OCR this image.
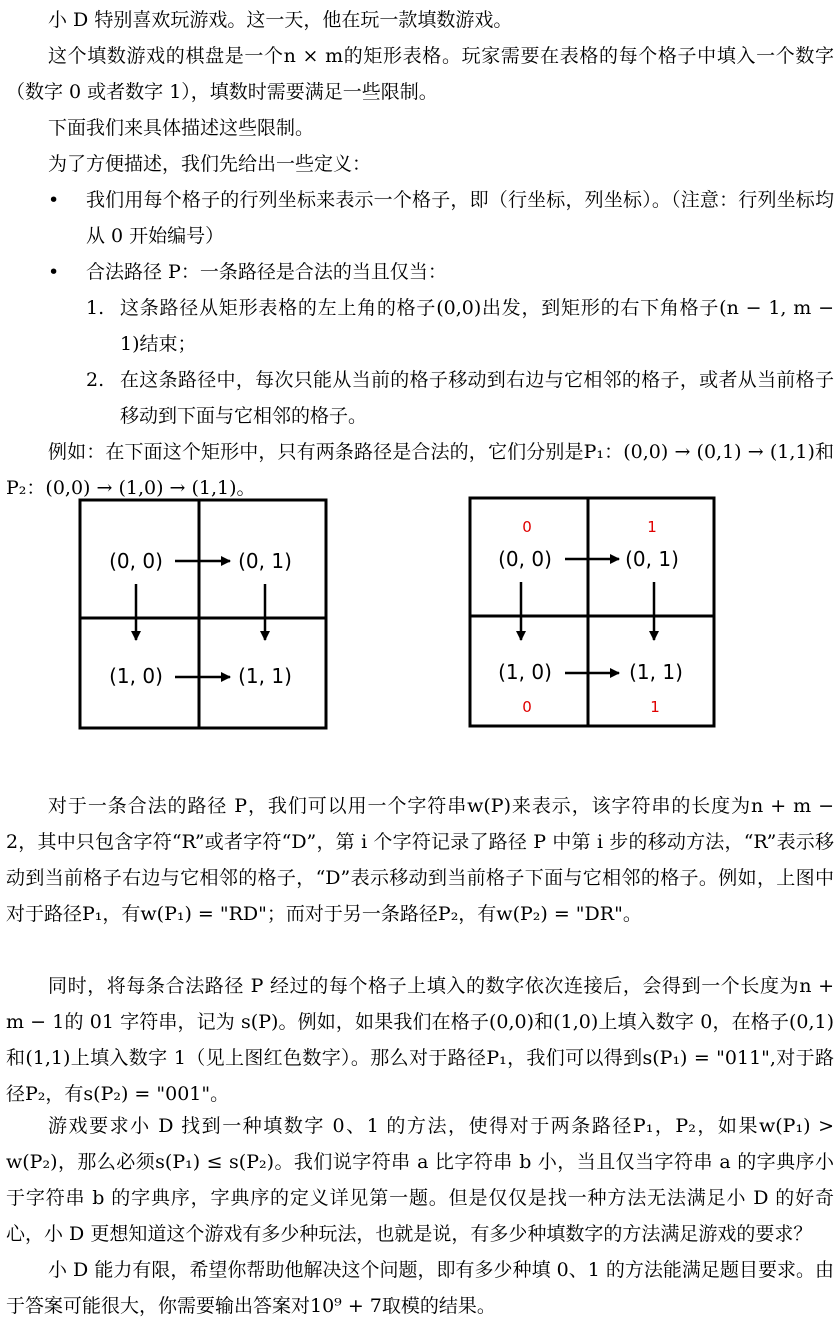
小 D 特别喜欢玩游戏。这一天，他在玩一款填数游戏。

这个填数游戏的棋盘是一个n × m的矩形表格。玩家需要在表格的每个格子中填入一个数字（数字 0 或者数字 1），填数时需要满足一些限制。

下面我们来具体描述这些限制。

为了方便描述，我们先给出一些定义：

• 我们用每个格子的行列坐标来表示一个格子，即（行坐标，列坐标）。（注意：行列坐标均从 0 开始编号）

• 合法路径 P：一条路径是合法的当且仅当：

1. 这条路径从矩形表格的左上角的格子(0,0)出发，到矩形的右下角格子(n − 1, m − 1)结束；

2. 在这条路径中，每次只能从当前的格子移动到右边与它相邻的格子，或者从当前格子移动到下面与它相邻的格子。

例如：在下面这个矩形中，只有两条路径是合法的，它们分别是P₁：(0,0) → (0,1) → (1,1)和P₂：(0,0) → (1,0) → (1,1)。

(0, 0)	(0, 1)
(1, 0)	(1, 1)
0	1
0	1
(0, 0)	(0, 1)
(1, 0)	(1, 1)

对于一条合法的路径 P，我们可以用一个字符串w(P)来表示，该字符串的长度为n + m − 2，其中只包含字符“R”或者字符“D”，第 i 个字符记录了路径 P 中第 i 步的移动方法，“R”表示移动到当前格子右边与它相邻的格子，“D”表示移动到当前格子下面与它相邻的格子。例如，上图中对于路径P₁，有w(P₁) = "RD"；而对于另一条路径P₂，有w(P₂) = "DR"。

同时，将每条合法路径 P 经过的每个格子上填入的数字依次连接后，会得到一个长度为n + m − 1的 01 字符串，记为 s(P)。例如，如果我们在格子(0,0)和(1,0)上填入数字 0，在格子(0,1)和(1,1)上填入数字 1（见上图红色数字）。那么对于路径P₁，我们可以得到s(P₁) = "011",对于路径P₂，有s(P₂) = "001"。

游戏要求小 D 找到一种填数字 0、1 的方法，使得对于两条路径P₁，P₂，如果w(P₁) > w(P₂)，那么必须s(P₁) ≤ s(P₂)。我们说字符串 a 比字符串 b 小，当且仅当字符串 a 的字典序小于字符串 b 的字典序，字典序的定义详见第一题。但是仅仅是找一种方法无法满足小 D 的好奇心，小 D 更想知道这个游戏有多少种玩法，也就是说，有多少种填数字的方法满足游戏的要求？

小 D 能力有限，希望你帮助他解决这个问题，即有多少种填 0、1 的方法能满足题目要求。由于答案可能很大，你需要输出答案对10⁹ + 7取模的结果。
